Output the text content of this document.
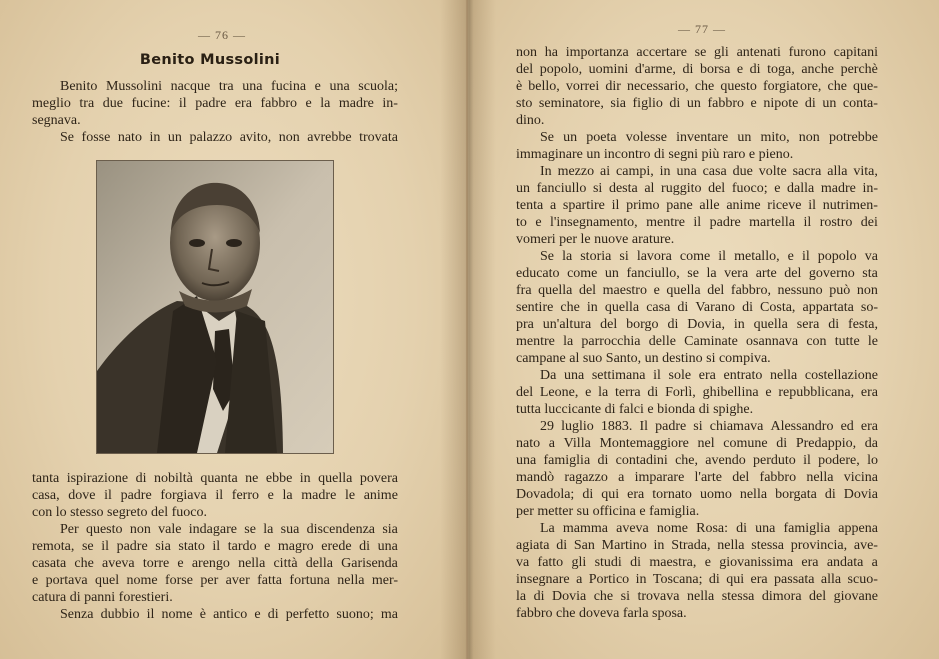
— 76 —
Benito Mussolini
Benito Mussolini nacque tra una fucina e una scuola;
meglio tra due fucine: il padre era fabbro e la madre in-
segnava.
Se fosse nato in un palazzo avito, non avrebbe trovata
tanta ispirazione di nobiltà quanta ne ebbe in quella povera
casa, dove il padre forgiava il ferro e la madre le anime
con lo stesso segreto del fuoco.
Per questo non vale indagare se la sua discendenza sia
remota, se il padre sia stato il tardo e magro erede di una
casata che aveva torre e arengo nella città della Garisenda
e portava quel nome forse per aver fatta fortuna nella mer-
catura di panni forestieri.
Senza dubbio il nome è antico e di perfetto suono; ma
— 77 —
non ha importanza accertare se gli antenati furono capitani
del popolo, uomini d'arme, di borsa e di toga, anche perchè
è bello, vorrei dir necessario, che questo forgiatore, che que-
sto seminatore, sia figlio di un fabbro e nipote di un conta-
dino.
Se un poeta volesse inventare un mito, non potrebbe
immaginare un incontro di segni più raro e pieno.
In mezzo ai campi, in una casa due volte sacra alla vita,
un fanciullo si desta al ruggito del fuoco; e dalla madre in-
tenta a spartire il primo pane alle anime riceve il nutrimen-
to e l'insegnamento, mentre il padre martella il rostro dei
vomeri per le nuove arature.
Se la storia si lavora come il metallo, e il popolo va
educato come un fanciullo, se la vera arte del governo sta
fra quella del maestro e quella del fabbro, nessuno può non
sentire che in quella casa di Varano di Costa, appartata so-
pra un'altura del borgo di Dovia, in quella sera di festa,
mentre la parrocchia delle Caminate osannava con tutte le
campane al suo Santo, un destino si compiva.
Da una settimana il sole era entrato nella costellazione
del Leone, e la terra di Forlì, ghibellina e repubblicana, era
tutta luccicante di falci e bionda di spighe.
29 luglio 1883. Il padre si chiamava Alessandro ed era
nato a Villa Montemaggiore nel comune di Predappio, da
una famiglia di contadini che, avendo perduto il podere, lo
mandò ragazzo a imparare l'arte del fabbro nella vicina
Dovadola; di qui era tornato uomo nella borgata di Dovia
per metter su officina e famiglia.
La mamma aveva nome Rosa: di una famiglia appena
agiata di San Martino in Strada, nella stessa provincia, ave-
va fatto gli studi di maestra, e giovanissima era andata a
insegnare a Portico in Toscana; di qui era passata alla scuo-
la di Dovia che si trovava nella stessa dimora del giovane
fabbro che doveva farla sposa.
